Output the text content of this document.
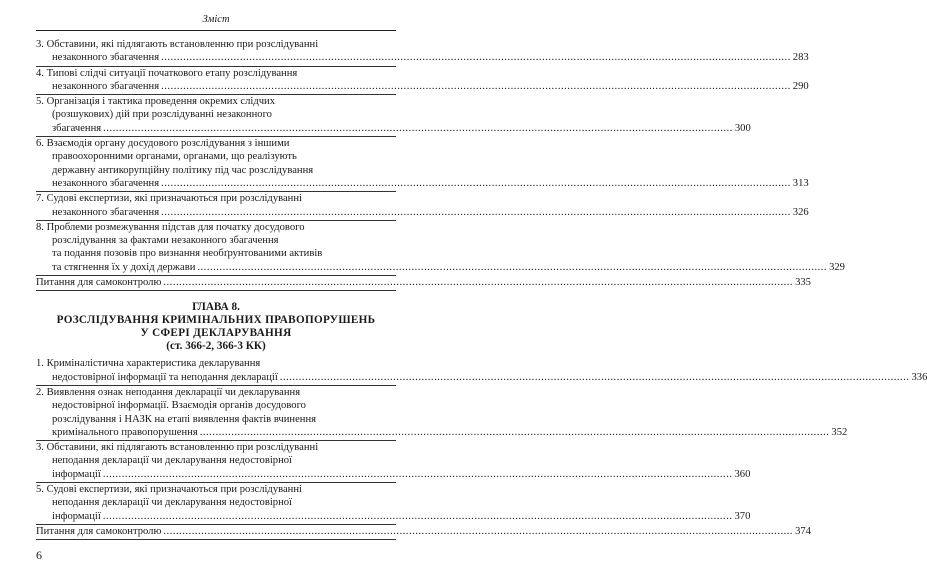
Зміст
3. Обставини, які підлягають встановленню при розслідуванні
незаконного збагачення ........................................................................................................................................................................................................ 283
4. Типові слідчі ситуації початкового етапу розслідування
незаконного збагачення ........................................................................................................................................................................................................ 290
5. Організація і тактика проведення окремих слідчих
(розшукових) дій при розслідуванні незаконного
збагачення ........................................................................................................................................................................................................ 300
6. Взаємодія органу досудового розслідування з іншими
правоохоронними органами, органами, що реалізують
державну антикорупційну політику під час розслідування
незаконного збагачення ........................................................................................................................................................................................................ 313
7. Судові експертизи, які призначаються при розслідуванні
незаконного збагачення ........................................................................................................................................................................................................ 326
8. Проблеми розмежування підстав для початку досудового
розслідування за фактами незаконного збагачення
та подання позовів про визнання необґрунтованими активів
та стягнення їх у дохід держави ........................................................................................................................................................................................................ 329
Питання для самоконтролю ........................................................................................................................................................................................................ 335
ГЛАВА 8.
РОЗСЛІДУВАННЯ КРИМІНАЛЬНИХ ПРАВОПОРУШЕНЬ
У СФЕРІ ДЕКЛАРУВАННЯ
(ст. 366-2, 366-3 КК)
1. Криміналістична характеристика декларування
недостовірної інформації та неподання декларації ........................................................................................................................................................................................................ 336
2. Виявлення ознак неподання декларації чи декларування
недостовірної інформації. Взаємодія органів досудового
розслідування і НАЗК на етапі виявлення фактів вчинення
кримінального правопорушення ........................................................................................................................................................................................................ 352
3. Обставини, які підлягають встановленню при розслідуванні
неподання декларації чи декларування недостовірної
інформації ........................................................................................................................................................................................................ 360
5. Судові експертизи, які призначаються при розслідуванні
неподання декларації чи декларування недостовірної
інформації ........................................................................................................................................................................................................ 370
Питання для самоконтролю ........................................................................................................................................................................................................ 374
6
